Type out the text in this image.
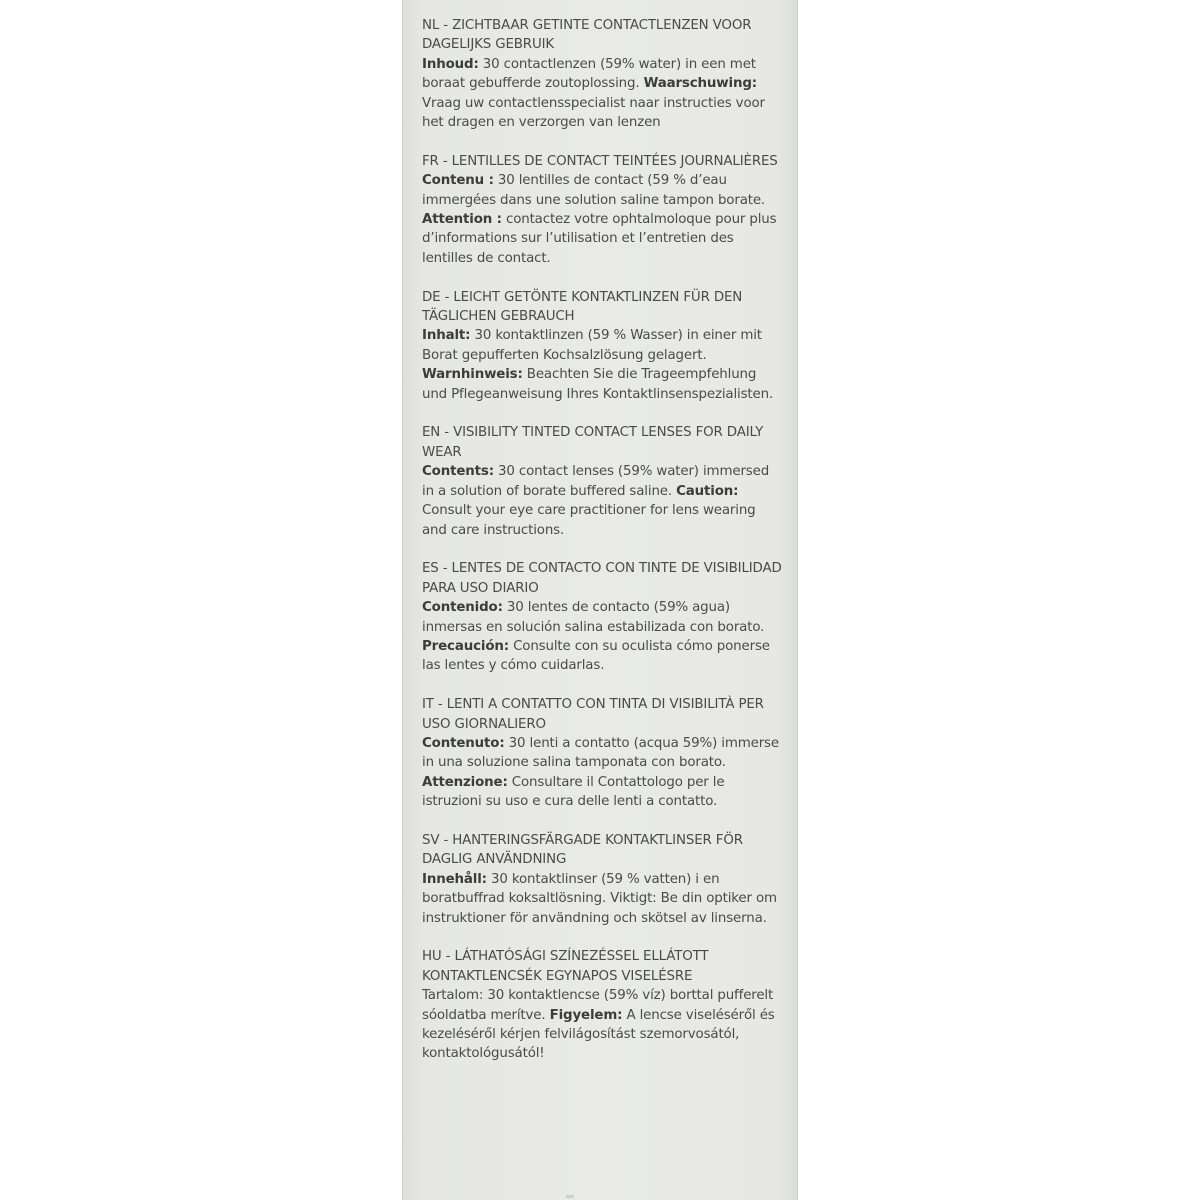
NL - ZICHTBAAR GETINTE CONTACTLENZEN VOOR DAGELIJKS GEBRUIK
Inhoud: 30 contactlenzen (59% water) in een met boraat gebufferde zoutoplossing. Waarschuwing: Vraag uw contactlensspecialist naar instructies voor het dragen en verzorgen van lenzen
FR - LENTILLES DE CONTACT TEINTÉES JOURNALIÈRES
Contenu : 30 lentilles de contact (59 % d’eau immergées dans une solution saline tampon borate. Attention : contactez votre ophtalmoloque pour plus d’informations sur l’utilisation et l’entretien des lentilles de contact.
DE - LEICHT GETÖNTE KONTAKTLINZEN FÜR DEN TÄGLICHEN GEBRAUCH
Inhalt: 30 kontaktlinzen (59 % Wasser) in einer mit Borat gepufferten Kochsalzlösung gelagert. Warnhinweis: Beachten Sie die Trageempfehlung und Pflegeanweisung Ihres Kontaktlinsenspezialisten.
EN - VISIBILITY TINTED CONTACT LENSES FOR DAILY WEAR
Contents: 30 contact lenses (59% water) immersed in a solution of borate buffered saline. Caution: Consult your eye care practitioner for lens wearing and care instructions.
ES - LENTES DE CONTACTO CON TINTE DE VISIBILIDAD PARA USO DIARIO
Contenido: 30 lentes de contacto (59% agua) inmersas en solución salina estabilizada con borato. Precaución: Consulte con su oculista cómo ponerse las lentes y cómo cuidarlas.
IT - LENTI A CONTATTO CON TINTA DI VISIBILITÀ PER USO GIORNALIERO
Contenuto: 30 lenti a contatto (acqua 59%) immerse in una soluzione salina tamponata con borato. Attenzione: Consultare il Contattologo per le istruzioni su uso e cura delle lenti a contatto.
SV - HANTERINGSFÄRGADE KONTAKTLINSER FÖR DAGLIG ANVÄNDNING
Innehåll: 30 kontaktlinser (59 % vatten) i en boratbuffrad koksaltlösning. Viktigt: Be din optiker om instruktioner för användning och skötsel av linserna.
HU - LÁTHATÓSÁGI SZÍNEZÉSSEL ELLÁTOTT KONTAKTLENCSÉK EGYNAPOS VISELÉSRE
Tartalom: 30 kontaktlencse (59% víz) borttal pufferelt sóoldatba merítve. Figyelem: A lencse viseléséről és kezeléséről kérjen felvilágosítást szemorvosától, kontaktológusától!
